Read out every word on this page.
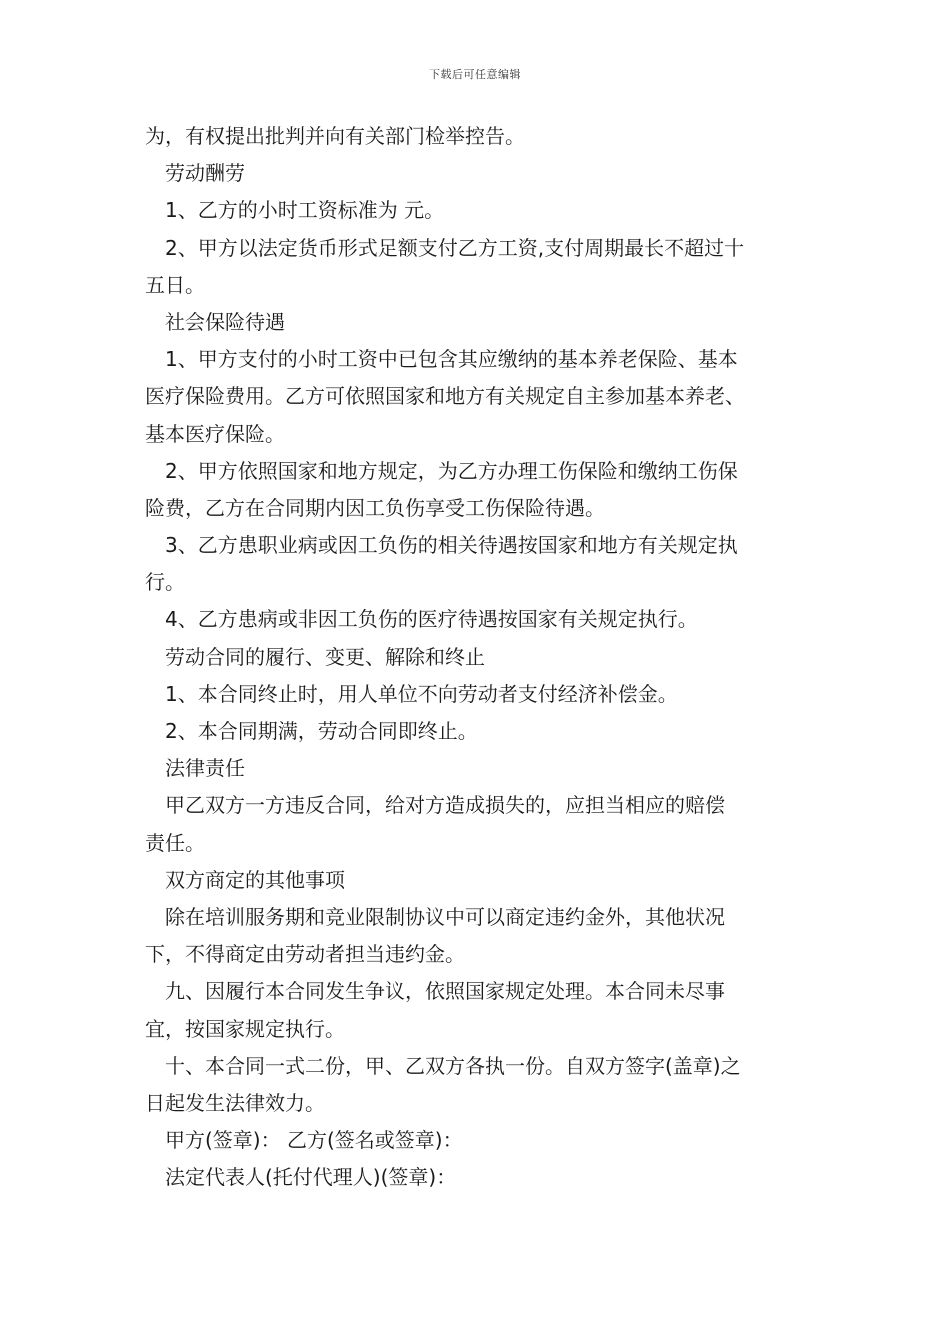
下载后可任意编辑
为，有权提出批判并向有关部门检举控告。
劳动酬劳
1、乙方的小时工资标准为 元。
2、甲方以法定货币形式足额支付乙方工资,支付周期最长不超过十
五日。
社会保险待遇
1、甲方支付的小时工资中已包含其应缴纳的基本养老保险、基本
医疗保险费用。乙方可依照国家和地方有关规定自主参加基本养老、
基本医疗保险。
2、甲方依照国家和地方规定，为乙方办理工伤保险和缴纳工伤保
险费，乙方在合同期内因工负伤享受工伤保险待遇。
3、乙方患职业病或因工负伤的相关待遇按国家和地方有关规定执
行。
4、乙方患病或非因工负伤的医疗待遇按国家有关规定执行。
劳动合同的履行、变更、解除和终止
1、本合同终止时，用人单位不向劳动者支付经济补偿金。
2、本合同期满，劳动合同即终止。
法律责任
甲乙双方一方违反合同，给对方造成损失的，应担当相应的赔偿
责任。
双方商定的其他事项
除在培训服务期和竞业限制协议中可以商定违约金外，其他状况
下，不得商定由劳动者担当违约金。
九、因履行本合同发生争议，依照国家规定处理。本合同未尽事
宜，按国家规定执行。
十、本合同一式二份，甲、乙双方各执一份。自双方签字(盖章)之
日起发生法律效力。
甲方(签章)： 乙方(签名或签章)：
法定代表人(托付代理人)(签章)：
